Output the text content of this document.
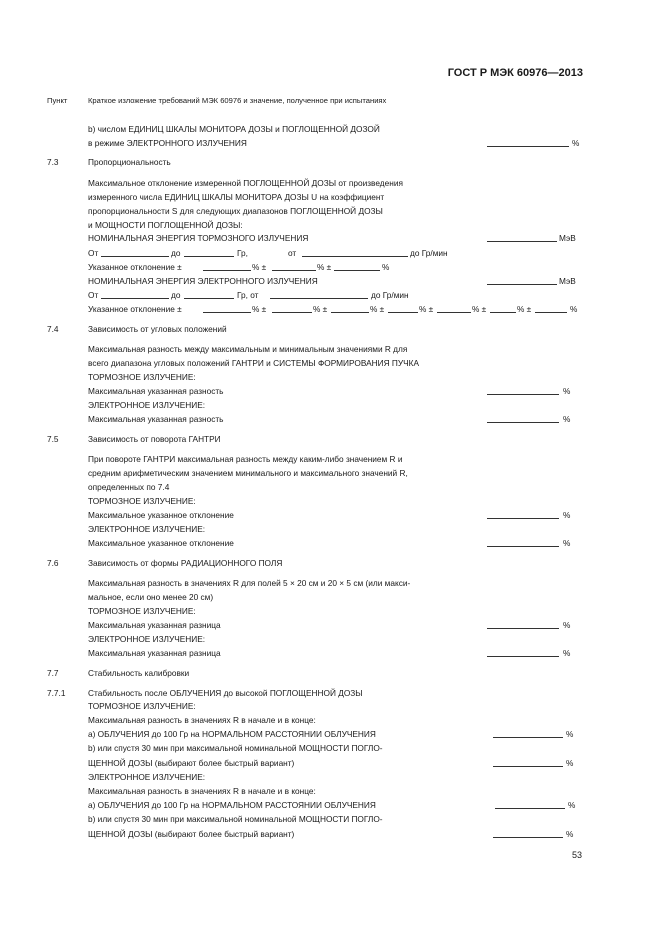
ГОСТ Р МЭК 60976—2013
Пункт	Краткое изложение требований МЭК 60976 и значение, полученное при испытаниях
b) числом ЕДИНИЦ ШКАЛЫ МОНИТОРА ДОЗЫ и ПОГЛОЩЕННОЙ ДОЗОЙ
в режиме ЭЛЕКТРОННОГО ИЗЛУЧЕНИЯ	%
7.3	Пропорциональность
Максимальное отклонение измеренной ПОГЛОЩЕННОЙ ДОЗЫ от произведения
измеренного числа ЕДИНИЦ ШКАЛЫ МОНИТОРА ДОЗЫ U на коэффициент
пропорциональности S для следующих диапазонов ПОГЛОЩЕННОЙ ДОЗЫ
и МОЩНОСТИ ПОГЛОЩЕННОЙ ДОЗЫ:
НОМИНАЛЬНАЯ ЭНЕРГИЯ ТОРМОЗНОГО ИЗЛУЧЕНИЯ	МэВ
От	до	Гр,	от	до Гр/мин
Указанное отклонение ±	% ±	% ±	%
НОМИНАЛЬНАЯ ЭНЕРГИЯ ЭЛЕКТРОННОГО ИЗЛУЧЕНИЯ	МэВ
От	до	Гр, от	до Гр/мин
Указанное отклонение ±	% ±	% ±	% ±	% ±	% ±	% ±	%
7.4	Зависимость от угловых положений
Максимальная разность между максимальным и минимальным значениями R для
всего диапазона угловых положений ГАНТРИ и СИСТЕМЫ ФОРМИРОВАНИЯ ПУЧКА
ТОРМОЗНОЕ ИЗЛУЧЕНИЕ:
Максимальная указанная разность	%
ЭЛЕКТРОННОЕ ИЗЛУЧЕНИЕ:
Максимальная указанная разность	%
7.5	Зависимость от поворота ГАНТРИ
При повороте ГАНТРИ максимальная разность между каким-либо значением R и
средним арифметическим значением минимального и максимального значений R,
определенных по 7.4
ТОРМОЗНОЕ ИЗЛУЧЕНИЕ:
Максимальное указанное отклонение	%
ЭЛЕКТРОННОЕ ИЗЛУЧЕНИЕ:
Максимальное указанное отклонение	%
7.6	Зависимость от формы РАДИАЦИОННОГО ПОЛЯ
Максимальная разность в значениях R для полей 5 × 20 см и 20 × 5 см (или макси-
мальное, если оно менее 20 см)
ТОРМОЗНОЕ ИЗЛУЧЕНИЕ:
Максимальная указанная разница	%
ЭЛЕКТРОННОЕ ИЗЛУЧЕНИЕ:
Максимальная указанная разница	%
7.7	Стабильность калибровки
7.7.1	Стабильность после ОБЛУЧЕНИЯ до высокой ПОГЛОЩЕННОЙ ДОЗЫ
ТОРМОЗНОЕ ИЗЛУЧЕНИЕ:
Максимальная разность в значениях R в начале и в конце:
a) ОБЛУЧЕНИЯ до 100 Гр на НОРМАЛЬНОМ РАССТОЯНИИ ОБЛУЧЕНИЯ	%
b) или спустя 30 мин при максимальной номинальной МОЩНОСТИ ПОГЛО-
ЩЕННОЙ ДОЗЫ (выбирают более быстрый вариант)	%
ЭЛЕКТРОННОЕ ИЗЛУЧЕНИЕ:
Максимальная разность в значениях R в начале и в конце:
a) ОБЛУЧЕНИЯ до 100 Гр на НОРМАЛЬНОМ РАССТОЯНИИ ОБЛУЧЕНИЯ	%
b) или спустя 30 мин при максимальной номинальной МОЩНОСТИ ПОГЛО-
ЩЕННОЙ ДОЗЫ (выбирают более быстрый вариант)	%
53
